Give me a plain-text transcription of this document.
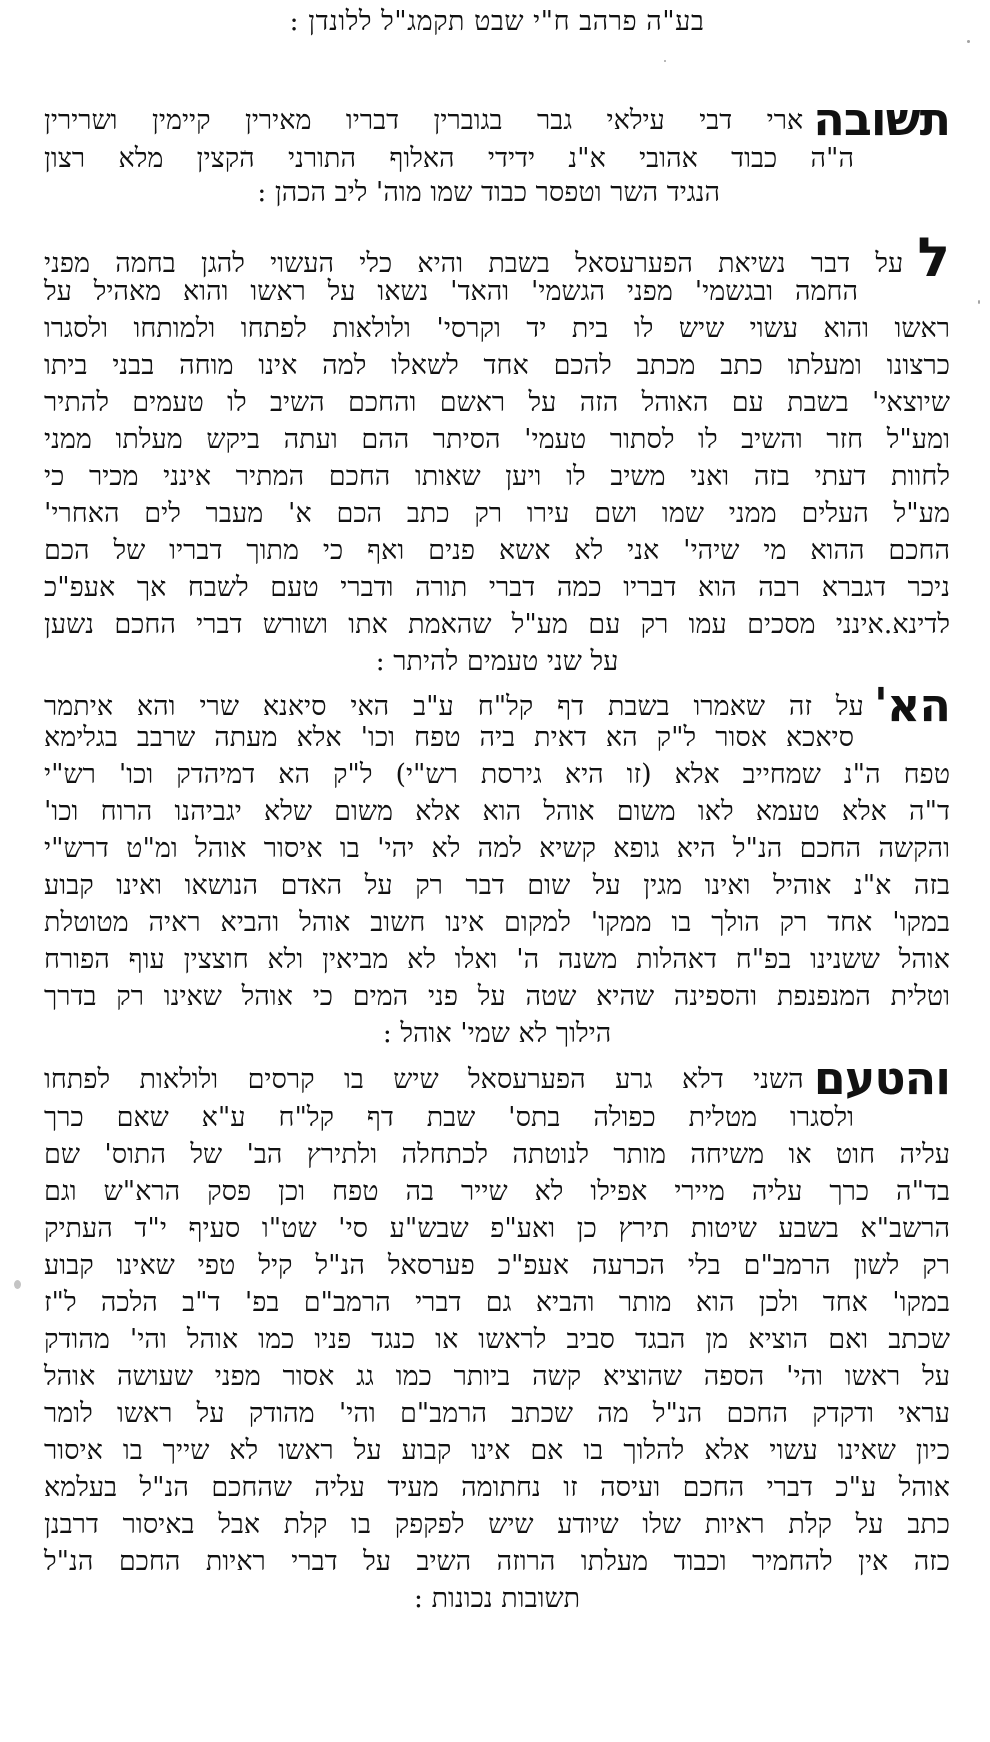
בע"ה פרהב ח"י שבט תקמג"ל ללונדן :
תשובהארי דבי עילאי גבר בגוברין דבריו מאירין קיימין ושרירין
ה"ה כבוד אהובי א"נ ידידי האלוף התורני הקצין מלא רצון
הנגיד השר וטפסר כבוד שמו מוה' ליב הכהן :
לעל דבר נשיאת הפערעסאל בשבת והיא כלי העשוי להגן בחמה מפני
החמה ובגשמי' מפני הגשמי' והאד' נשאו על ראשו והוא מאהיל על
ראשו והוא עשוי שיש לו בית יד וקרסי' ולולאות לפתחו ולמותחו ולסגרו
כרצונו ומעלתו כתב מכתב להכם אחד לשאלו למה אינו מוחה בבני ביתו
שיוצאי' בשבת עם האוהל הזה על ראשם והחכם השיב לו טעמים להתיר
ומע"ל חזר והשיב לו לסתור טעמי' הסיתר ההם ועתה ביקש מעלתו ממני
לחוות דעתי בזה ואני משיב לו ויען שאותו החכם המתיר אינני מכיר כי
מע"ל העלים ממני שמו ושם עירו רק כתב הכם א' מעבר לים האחרי'
החכם ההוא מי שיהי' אני לא אשא פנים ואף כי מתוך דבריו של הכם
ניכר דגברא רבה הוא דבריו כמה דברי תורה ודברי טעם לשבח אך אעפ"כ
לדינא.אינני מסכים עמו רק עם מע"ל שהאמת אתו ושורש דברי החכם נשען
על שני טעמים להיתר :
הא'על זה שאמרו בשבת דף קל"ח ע"ב האי סיאנא שרי והא איתמר
סיאכא אסור ל"ק הא דאית ביה טפח וכו' אלא מעתה שרבב בגלימא
טפח ה"נ שמחייב אלא (זו היא גירסת רש"י) ל"ק הא דמיהדק וכו' רש"י
ד"ה אלא טעמא לאו משום אוהל הוא אלא משום שלא יגביהנו הרוח וכו'
והקשה החכם הנ"ל היא גופא קשיא למה לא יהי' בו איסור אוהל ומ"ט דרש"י
בזה א"נ אוהיל ואינו מגין על שום דבר רק על האדם הנושאו ואינו קבוע
במקו' אחד רק הולך בו ממקו' למקום אינו חשוב אוהל והביא ראיה מטוטלת
אוהל ששנינו בפ"ח דאהלות משנה ה' ואלו לא מביאין ולא חוצצין עוף הפורח
וטלית המנפנפת והספינה שהיא שטה על פני המים כי אוהל שאינו רק בדרך
הילוך לא שמי' אוהל :
והטעםהשני דלא גרע הפערעסאל שיש בו קרסים ולולאות לפתחו
ולסגרו מטלית כפולה בתס' שבת דף קל"ח ע"א שאם כרך
עליה חוט או משיחה מותר לנוטתה לכתחלה ולתירץ הב' של התוס' שם
בד"ה כרך עליה מיירי אפילו לא שייר בה טפח וכן פסק הרא"ש וגם
הרשב"א בשבע שיטות תירץ כן ואע"פ שבש"ע סי' שט"ו סעיף י"ד העתיק
רק לשון הרמב"ם בלי הכרעה אעפ"כ פערסאל הנ"ל קיל טפי שאינו קבוע
במקו' אחד ולכן הוא מותר והביא גם דברי הרמב"ם בפ' ד"ב הלכה ל"ז
שכתב ואם הוציא מן הבגד סביב לראשו או כנגד פניו כמו אוהל והי' מהודק
על ראשו והי' הספה שהוציא קשה ביותר כמו גג אסור מפני שעושה אוהל
עראי ודקדק החכם הנ"ל מה שכתב הרמב"ם והי' מהודק על ראשו לומר
כיון שאינו עשוי אלא להלוך בו אם אינו קבוע על ראשו לא שייך בו איסור
אוהל ע"כ דברי החכם ועיסה זו נחתומה מעיד עליה שהחכם הנ"ל בעלמא
כתב על קלת ראיות שלו שיודע שיש לפקפק בו קלת אבל באיסור דרבנן
כזה אין להחמיר וכבוד מעלתו הרוזה השיב על דברי ראיות החכם הנ"ל
תשובות נכונות :
